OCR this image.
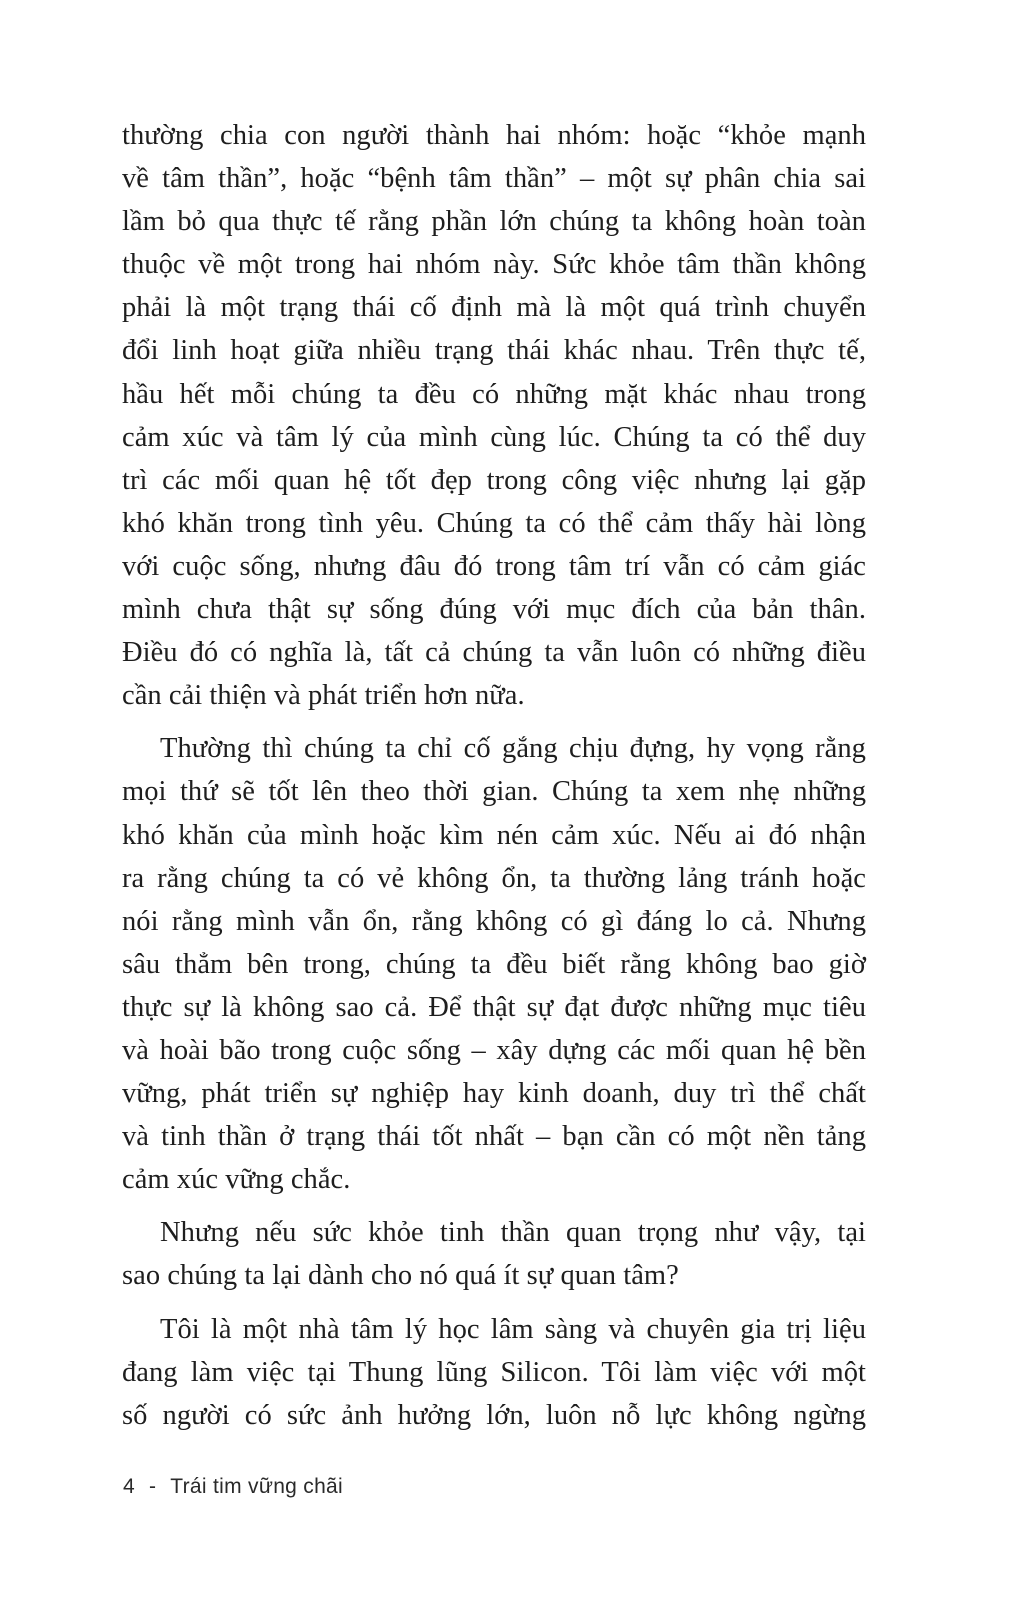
thường chia con người thành hai nhóm: hoặc “khỏe mạnh
về tâm thần”, hoặc “bệnh tâm thần” – một sự phân chia sai
lầm bỏ qua thực tế rằng phần lớn chúng ta không hoàn toàn
thuộc về một trong hai nhóm này. Sức khỏe tâm thần không
phải là một trạng thái cố định mà là một quá trình chuyển
đổi linh hoạt giữa nhiều trạng thái khác nhau. Trên thực tế,
hầu hết mỗi chúng ta đều có những mặt khác nhau trong
cảm xúc và tâm lý của mình cùng lúc. Chúng ta có thể duy
trì các mối quan hệ tốt đẹp trong công việc nhưng lại gặp
khó khăn trong tình yêu. Chúng ta có thể cảm thấy hài lòng
với cuộc sống, nhưng đâu đó trong tâm trí vẫn có cảm giác
mình chưa thật sự sống đúng với mục đích của bản thân.
Điều đó có nghĩa là, tất cả chúng ta vẫn luôn có những điều
cần cải thiện và phát triển hơn nữa.
Thường thì chúng ta chỉ cố gắng chịu đựng, hy vọng rằng
mọi thứ sẽ tốt lên theo thời gian. Chúng ta xem nhẹ những
khó khăn của mình hoặc kìm nén cảm xúc. Nếu ai đó nhận
ra rằng chúng ta có vẻ không ổn, ta thường lảng tránh hoặc
nói rằng mình vẫn ổn, rằng không có gì đáng lo cả. Nhưng
sâu thẳm bên trong, chúng ta đều biết rằng không bao giờ
thực sự là không sao cả. Để thật sự đạt được những mục tiêu
và hoài bão trong cuộc sống – xây dựng các mối quan hệ bền
vững, phát triển sự nghiệp hay kinh doanh, duy trì thể chất
và tinh thần ở trạng thái tốt nhất – bạn cần có một nền tảng
cảm xúc vững chắc.
Nhưng nếu sức khỏe tinh thần quan trọng như vậy, tại
sao chúng ta lại dành cho nó quá ít sự quan tâm?
Tôi là một nhà tâm lý học lâm sàng và chuyên gia trị liệu
đang làm việc tại Thung lũng Silicon. Tôi làm việc với một
số người có sức ảnh hưởng lớn, luôn nỗ lực không ngừng
4 - Trái tim vững chãi
